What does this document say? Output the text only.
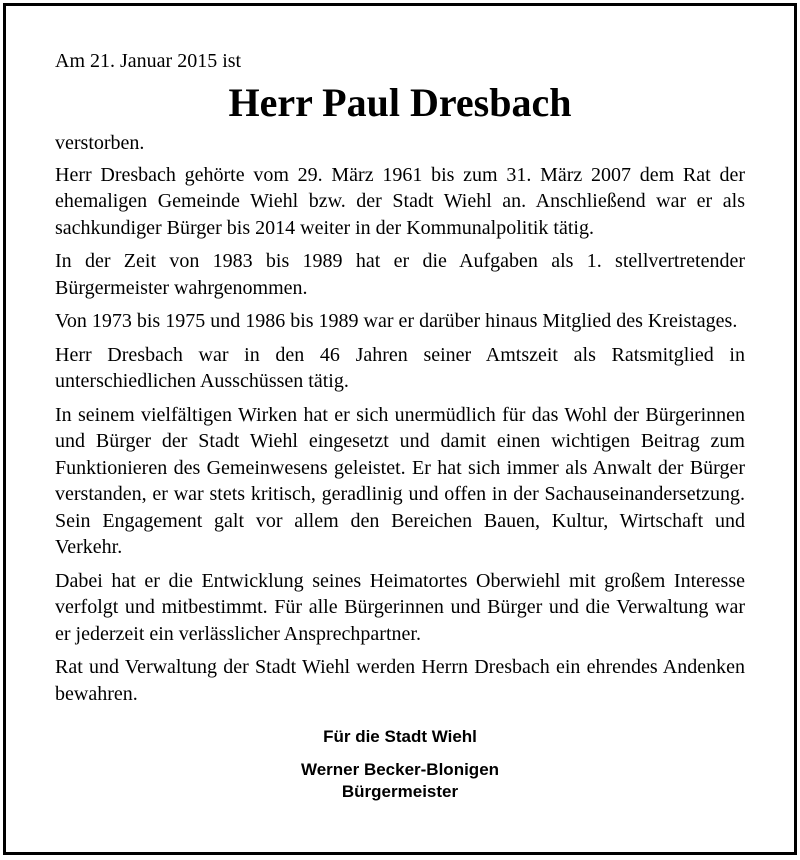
Am 21. Januar 2015 ist

Herr Paul Dresbach

verstorben.

Herr Dresbach gehörte vom 29. März 1961 bis zum 31. März 2007 dem Rat der ehemaligen Gemeinde Wiehl bzw. der Stadt Wiehl an. Anschließend war er als sachkundiger Bürger bis 2014 weiter in der Kommunalpolitik tätig.

In der Zeit von 1983 bis 1989 hat er die Aufgaben als 1. stellvertretender Bürgermeister wahrgenommen.

Von 1973 bis 1975 und 1986 bis 1989 war er darüber hinaus Mitglied des Kreistages.

Herr Dresbach war in den 46 Jahren seiner Amtszeit als Ratsmitglied in unterschiedlichen Ausschüssen tätig.

In seinem vielfältigen Wirken hat er sich unermüdlich für das Wohl der Bürgerinnen und Bürger der Stadt Wiehl eingesetzt und damit einen wichtigen Beitrag zum Funktionieren des Gemeinwesens geleistet. Er hat sich immer als Anwalt der Bürger verstanden, er war stets kritisch, geradlinig und offen in der Sachauseinandersetzung. Sein Engagement galt vor allem den Bereichen Bauen, Kultur, Wirtschaft und Verkehr.

Dabei hat er die Entwicklung seines Heimatortes Oberwiehl mit großem Interesse verfolgt und mitbestimmt. Für alle Bürgerinnen und Bürger und die Verwaltung war er jederzeit ein verlässlicher Ansprechpartner.

Rat und Verwaltung der Stadt Wiehl werden Herrn Dresbach ein ehrendes Andenken bewahren.

Für die Stadt Wiehl
Werner Becker-Blonigen
Bürgermeister
